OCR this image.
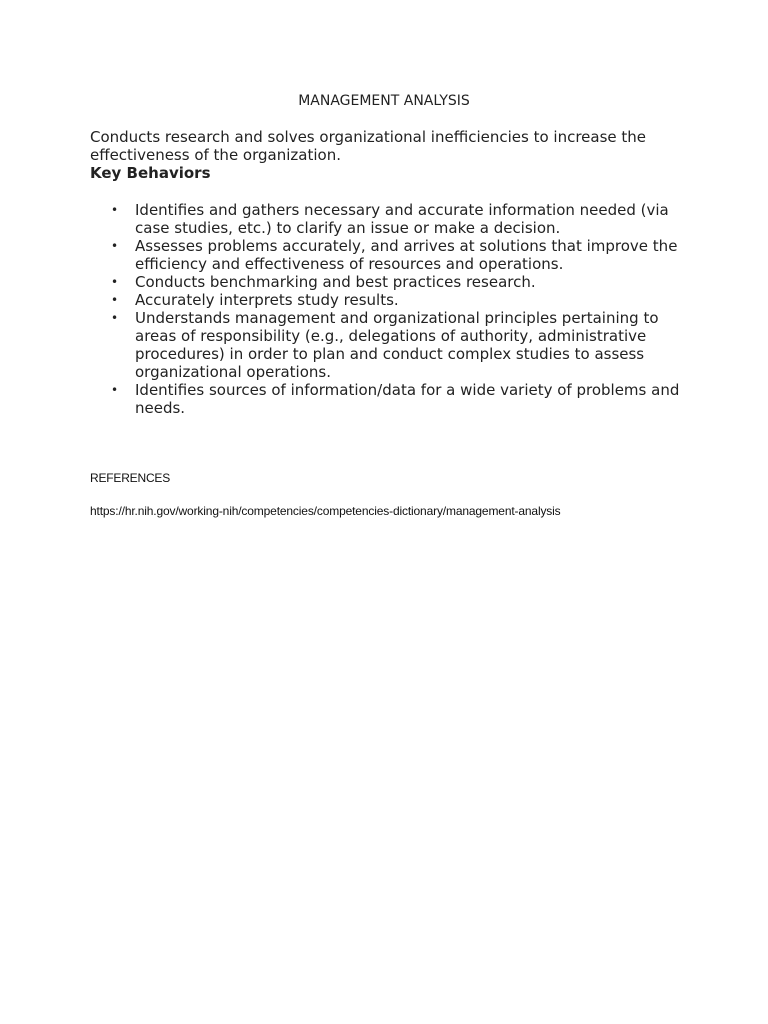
MANAGEMENT ANALYSIS

Conducts research and solves organizational inefficiencies to increase the effectiveness of the organization.

Key Behaviors

• Identifies and gathers necessary and accurate information needed (via case studies, etc.) to clarify an issue or make a decision.
• Assesses problems accurately, and arrives at solutions that improve the efficiency and effectiveness of resources and operations.
• Conducts benchmarking and best practices research.
• Accurately interprets study results.
• Understands management and organizational principles pertaining to areas of responsibility (e.g., delegations of authority, administrative procedures) in order to plan and conduct complex studies to assess organizational operations.
• Identifies sources of information/data for a wide variety of problems and needs.

REFERENCES

https://hr.nih.gov/working-nih/competencies/competencies-dictionary/management-analysis
